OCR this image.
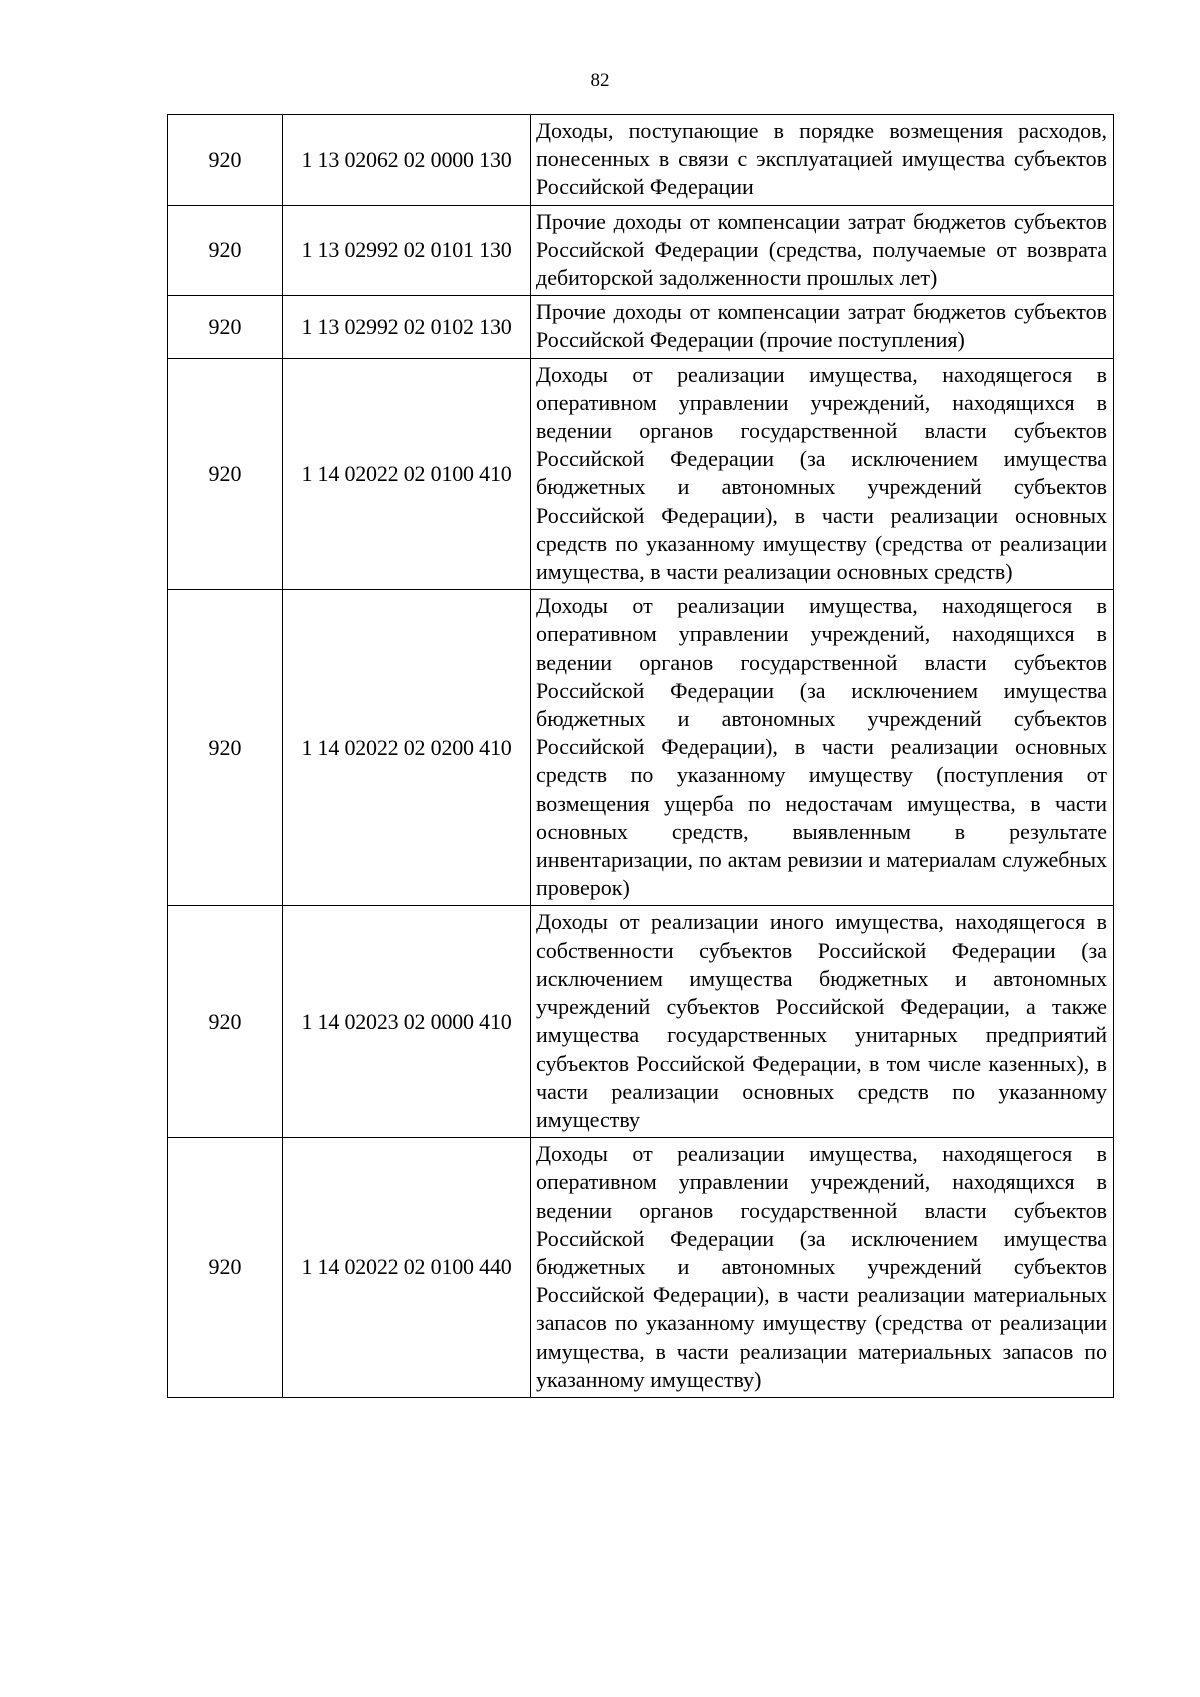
82
920	1 13 02062 02 0000 130	Доходы, поступающие в порядке возмещения расходов, понесенных в связи с эксплуатацией имущества субъектов Российской Федерации
920	1 13 02992 02 0101 130	Прочие доходы от компенсации затрат бюджетов субъектов Российской Федерации (средства, получаемые от возврата дебиторской задолженности прошлых лет)
920	1 13 02992 02 0102 130	Прочие доходы от компенсации затрат бюджетов субъектов Российской Федерации (прочие поступления)
920	1 14 02022 02 0100 410	Доходы от реализации имущества, находящегося в оперативном управлении учреждений, находящихся в ведении органов государственной власти субъектов Российской Федерации (за исключением имущества бюджетных и автономных учреждений субъектов Российской Федерации), в части реализации основных средств по указанному имуществу (средства от реализации имущества, в части реализации основных средств)
920	1 14 02022 02 0200 410	Доходы от реализации имущества, находящегося в оперативном управлении учреждений, находящихся в ведении органов государственной власти субъектов Российской Федерации (за исключением имущества бюджетных и автономных учреждений субъектов Российской Федерации), в части реализации основных средств по указанному имуществу (поступления от возмещения ущерба по недостачам имущества, в части основных средств, выявленным в результате инвентаризации, по актам ревизии и материалам служебных проверок)
920	1 14 02023 02 0000 410	Доходы от реализации иного имущества, находящегося в собственности субъектов Российской Федерации (за исключением имущества бюджетных и автономных учреждений субъектов Российской Федерации, а также имущества государственных унитарных предприятий субъектов Российской Федерации, в том числе казенных), в части реализации основных средств по указанному имуществу
920	1 14 02022 02 0100 440	Доходы от реализации имущества, находящегося в оперативном управлении учреждений, находящихся в ведении органов государственной власти субъектов Российской Федерации (за исключением имущества бюджетных и автономных учреждений субъектов Российской Федерации), в части реализации материальных запасов по указанному имуществу (средства от реализации имущества, в части реализации материальных запасов по указанному имуществу)
